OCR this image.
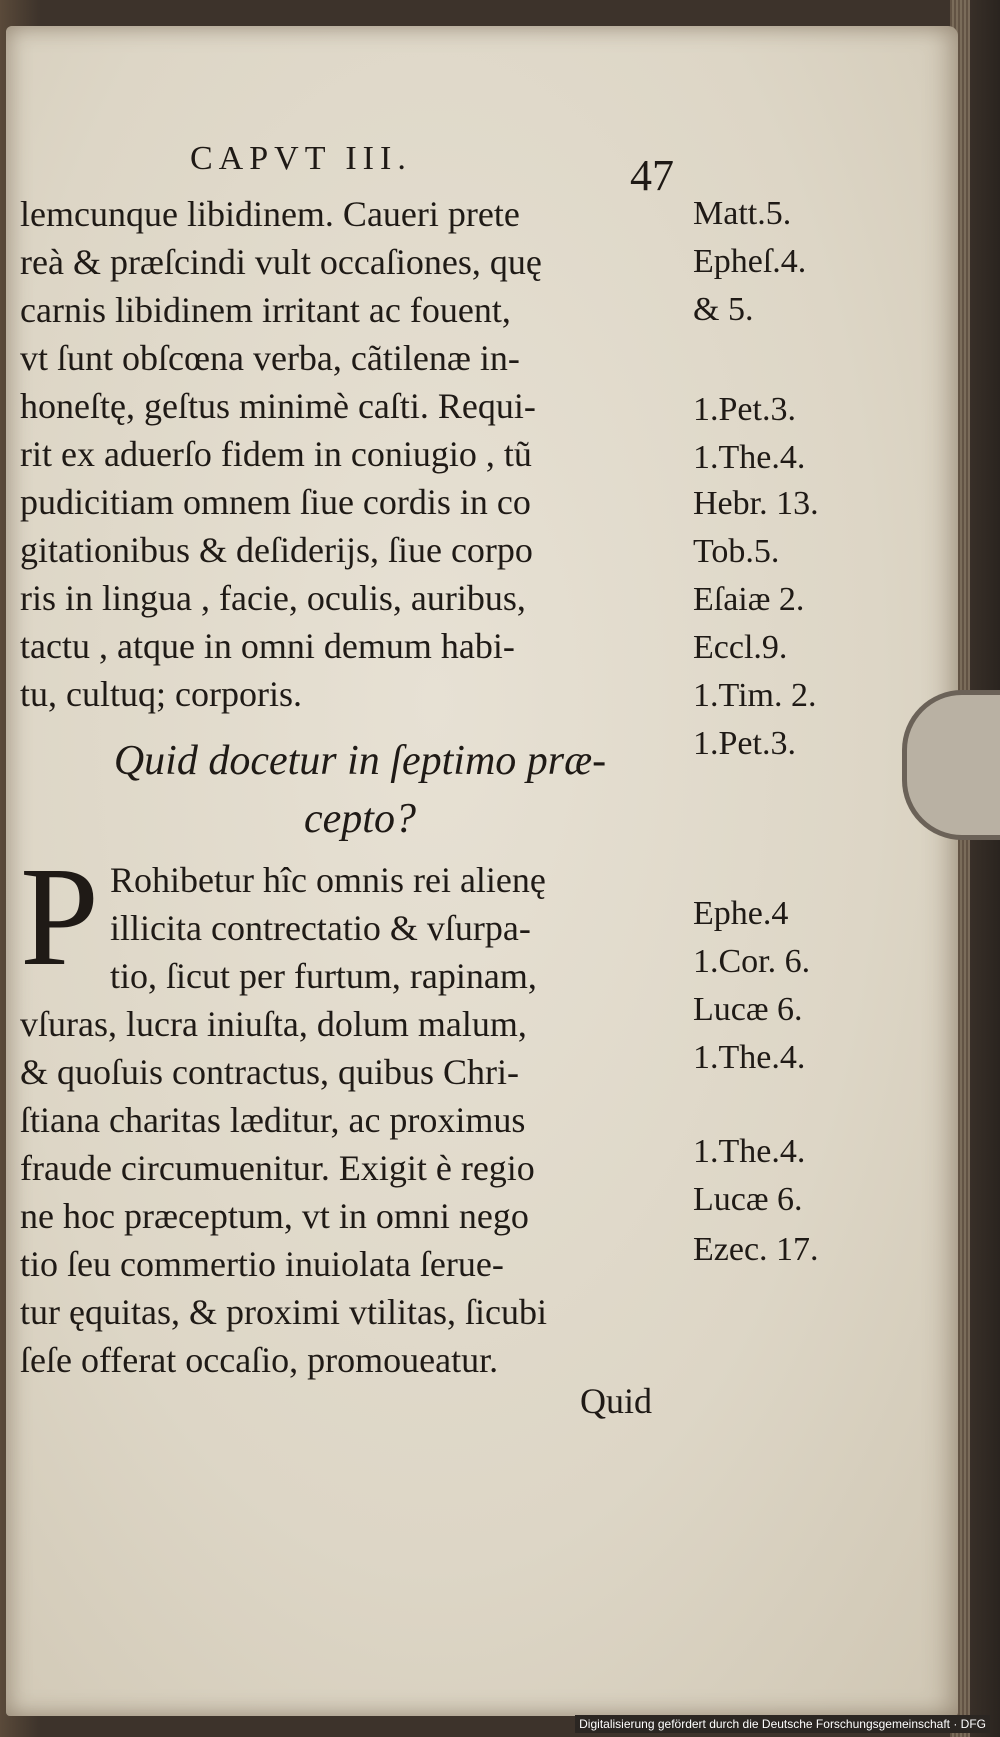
CAPVT III.	47
lemcunque libidinem. Caueri prete
reà & præſcindi vult occaſiones, quę
carnis libidinem irritant ac fouent,
vt ſunt obſcœna verba, cãtilenæ in-
honeſtę, geſtus minimè caſti. Requi-
rit ex aduerſo fidem in coniugio , tũ
pudicitiam omnem ſiue cordis in co
gitationibus & deſiderijs, ſiue corpo
ris in lingua , facie, oculis, auribus,
tactu , atque in omni demum habi-
tu, cultuq; corporis.
Matt.5.
Epheſ.4.
& 5.
1.Pet.3.
1.The.4.
Hebr. 13.
Tob.5.
Eſaiæ 2.
Eccl.9.
1.Tim. 2.
1.Pet.3.
Quid docetur in ſeptimo præ-
cepto?
P Rohibetur hîc omnis rei alienę
illicita contrectatio & vſurpa-
tio, ſicut per furtum, rapinam,
vſuras, lucra iniuſta, dolum malum,
& quoſuis contractus, quibus Chri-
ſtiana charitas læditur, ac proximus
fraude circumuenitur. Exigit è regio
ne hoc præceptum, vt in omni nego
tio ſeu commertio inuiolata ſerue-
tur ęquitas, & proximi vtilitas, ſicubi
ſeſe offerat occaſio, promoueatur.
Ephe.4
1.Cor. 6.
Lucæ 6.
1.The.4.
1.The.4.
Lucæ 6.
Ezec. 17.
Quid
Digitalisierung gefördert durch die Deutsche Forschungsgemeinschaft · DFG
